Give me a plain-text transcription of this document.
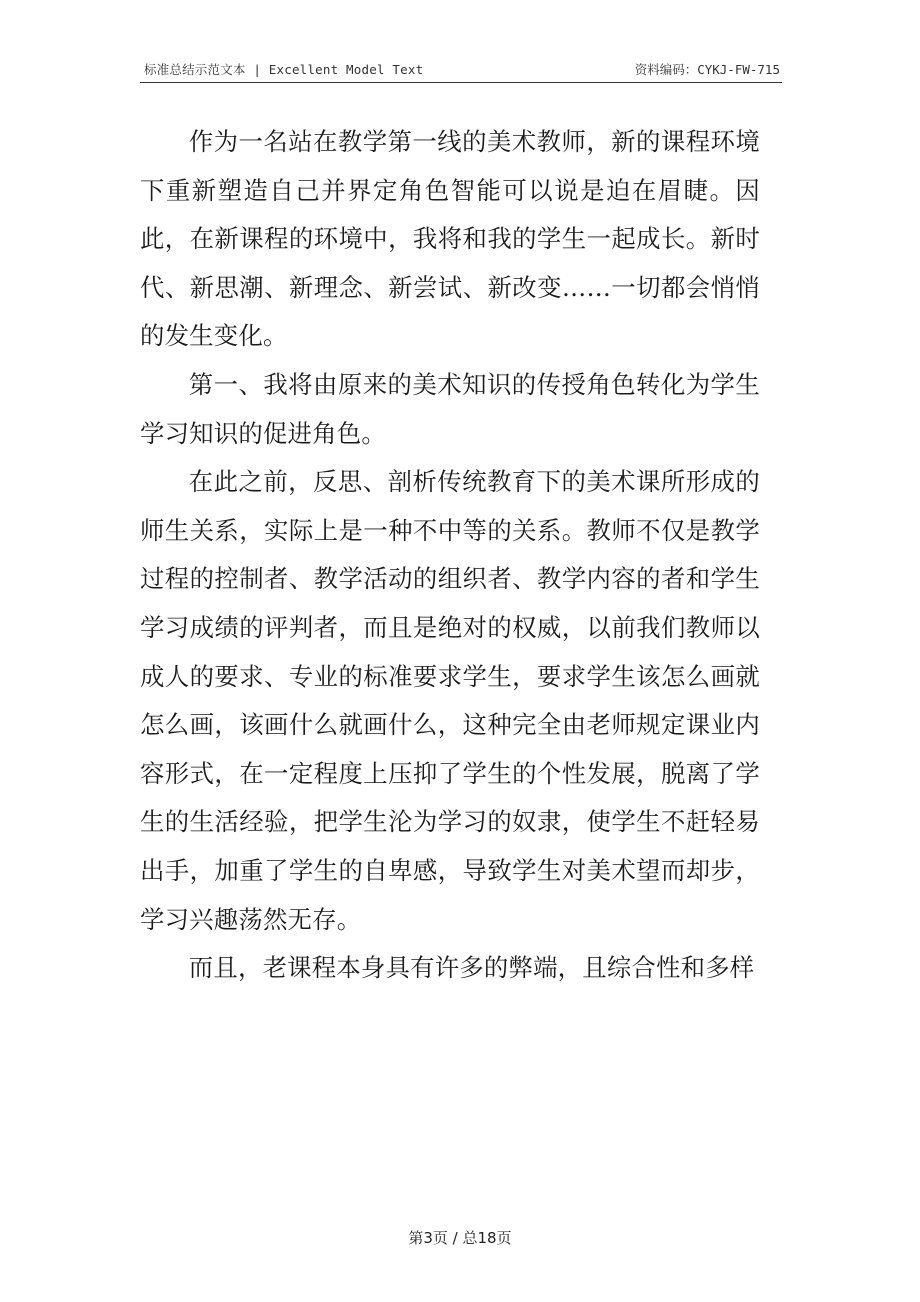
标准总结示范文本 | Excellent Model Text	资料编码：CYKJ-FW-715

作为一名站在教学第一线的美术教师，新的课程环境下重新塑造自己并界定角色智能可以说是迫在眉睫。因此，在新课程的环境中，我将和我的学生一起成长。新时代、新思潮、新理念、新尝试、新改变……一切都会悄悄的发生变化。

第一、我将由原来的美术知识的传授角色转化为学生学习知识的促进角色。

在此之前，反思、剖析传统教育下的美术课所形成的师生关系，实际上是一种不中等的关系。教师不仅是教学过程的控制者、教学活动的组织者、教学内容的者和学生学习成绩的评判者，而且是绝对的权威，以前我们教师以成人的要求、专业的标准要求学生，要求学生该怎么画就怎么画，该画什么就画什么，这种完全由老师规定课业内容形式，在一定程度上压抑了学生的个性发展，脱离了学生的生活经验，把学生沦为学习的奴隶，使学生不赶轻易出手，加重了学生的自卑感，导致学生对美术望而却步，学习兴趣荡然无存。

而且，老课程本身具有许多的弊端，且综合性和多样

第3页 / 总18页
